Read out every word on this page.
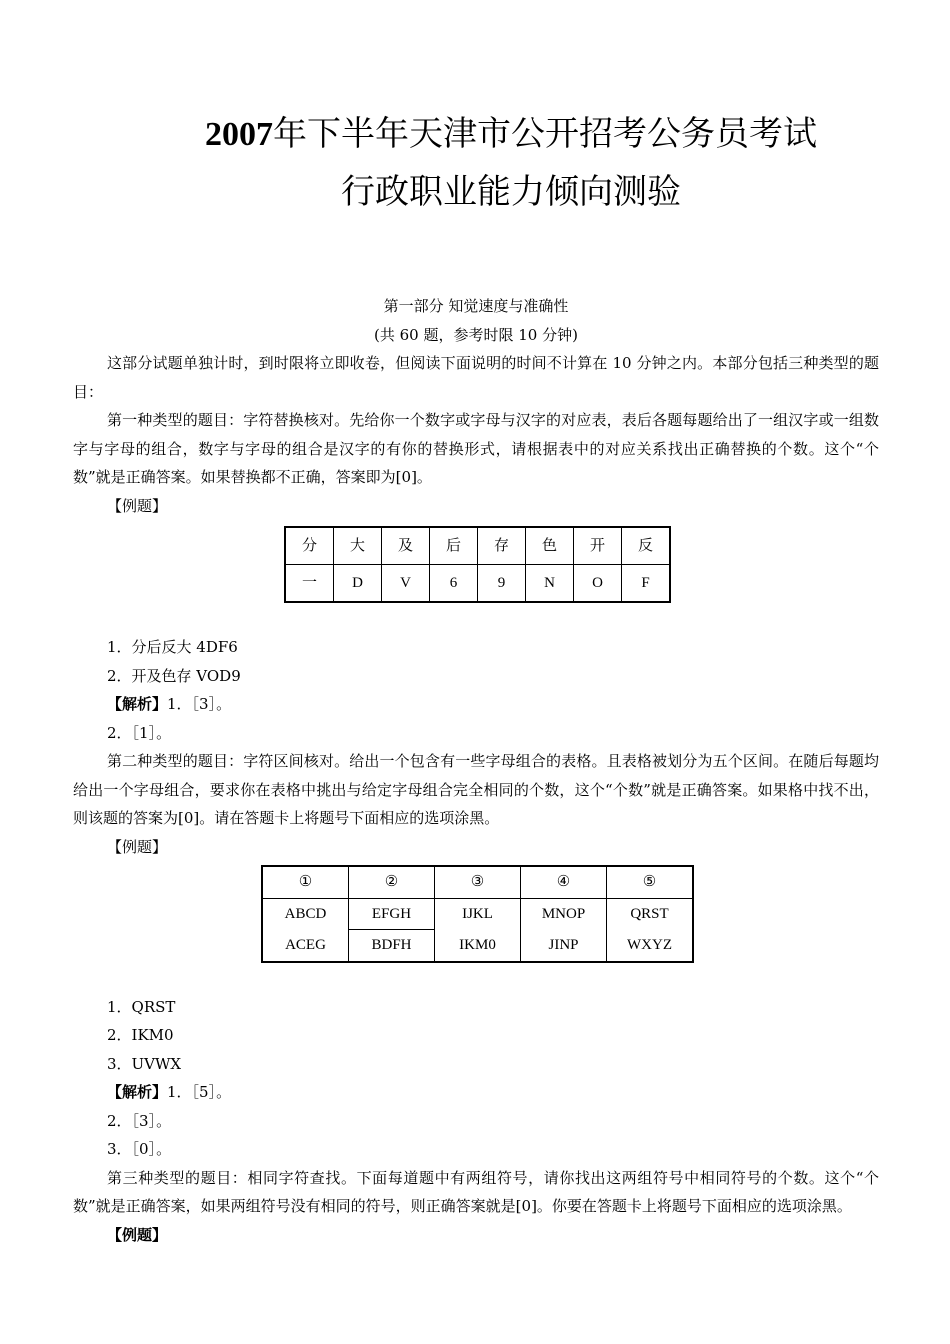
2007年下半年天津市公开招考公务员考试
行政职业能力倾向测验
第一部分 知觉速度与准确性
(共 60 题，参考时限 10 分钟)

这部分试题单独计时，到时限将立即收卷，但阅读下面说明的时间不计算在 10 分钟之内。本部分包括三种类型的题目：

第一种类型的题目：字符替换核对。先给你一个数字或字母与汉字的对应表，表后各题每题给出了一组汉字或一组数字与字母的组合，数字与字母的组合是汉字的有你的替换形式，请根据表中的对应关系找出正确替换的个数。这个“个数”就是正确答案。如果替换都不正确，答案即为[0]。

【例题】

分	大	及	后	存	色	开	反
一	D	V	6	9	N	O	F

1．分后反大 4DF6

2．开及色存 VOD9

【解析】1．［3］。

2．［1］。

第二种类型的题目：字符区间核对。给出一个包含有一些字母组合的表格。且表格被划分为五个区间。在随后每题均给出一个字母组合，要求你在表格中挑出与给定字母组合完全相同的个数，这个“个数”就是正确答案。如果格中找不出，则该题的答案为[0]。请在答题卡上将题号下面相应的选项涂黑。

【例题】

①	②	③	④	⑤
ABCD	EFGH	IJKL	MNOP	QRST
ACEG	BDFH	IKM0	JINP	WXYZ

1．QRST

2．IKM0

3．UVWX

【解析】1．［5］。

2．［3］。

3．［0］。

第三种类型的题目：相同字符查找。下面每道题中有两组符号，请你找出这两组符号中相同符号的个数。这个“个数”就是正确答案，如果两组符号没有相同的符号，则正确答案就是[0]。你要在答题卡上将题号下面相应的选项涂黑。

【例题】
